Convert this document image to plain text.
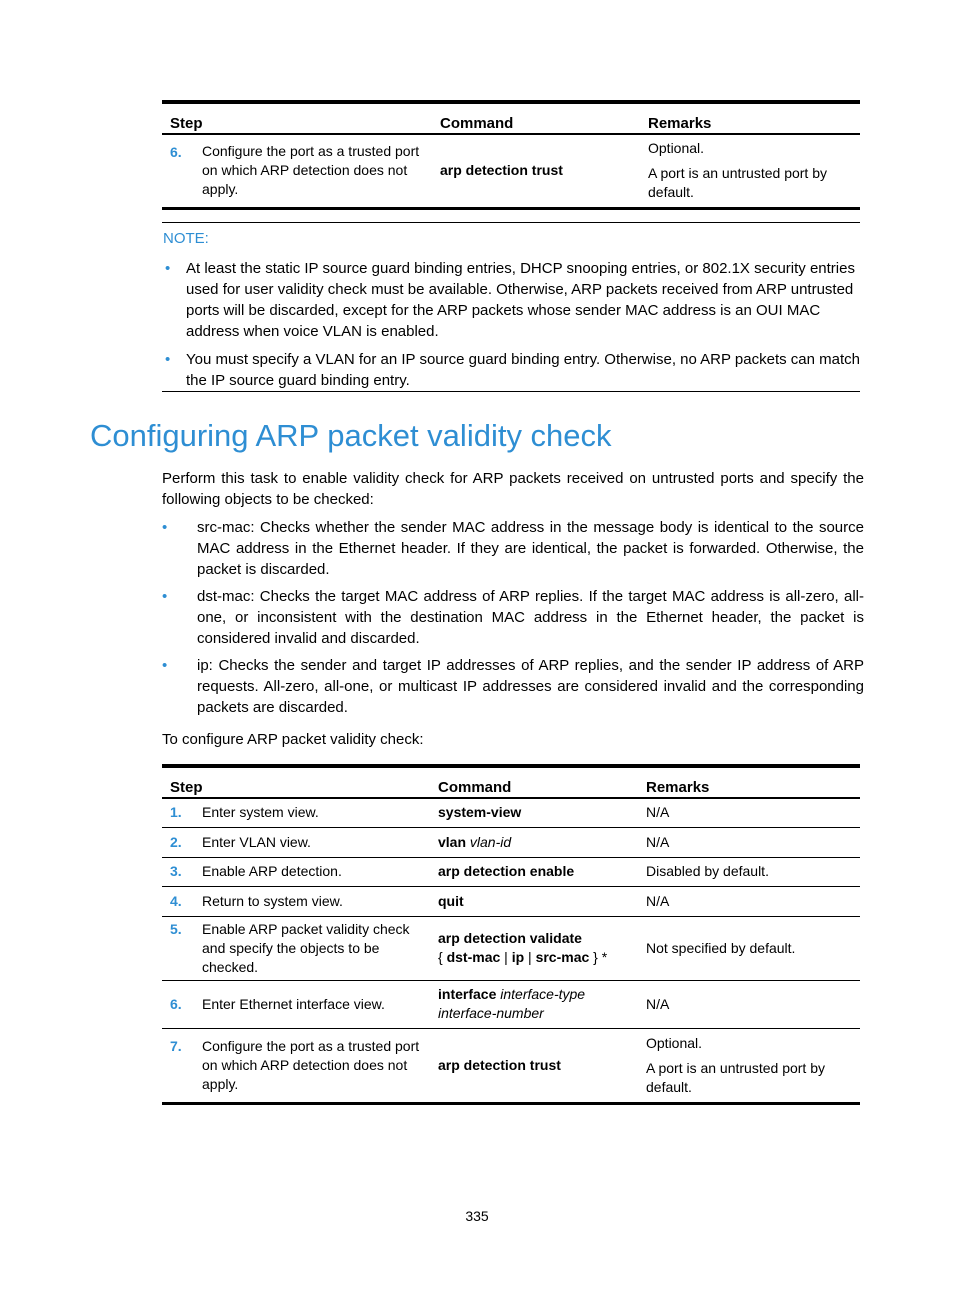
Step		Command	Remarks
6.	Configure the port as a trusted port on which ARP detection does not apply.	arp detection trust	Optional.

A port is an untrusted port by default.

NOTE:
• At least the static IP source guard binding entries, DHCP snooping entries, or 802.1X security entries used for user validity check must be available. Otherwise, ARP packets received from ARP untrusted ports will be discarded, except for the ARP packets whose sender MAC address is an OUI MAC address when voice VLAN is enabled.
• You must specify a VLAN for an IP source guard binding entry. Otherwise, no ARP packets can match the IP source guard binding entry.
Configuring ARP packet validity check

Perform this task to enable validity check for ARP packets received on untrusted ports and specify the following objects to be checked:

• src-mac: Checks whether the sender MAC address in the message body is identical to the source MAC address in the Ethernet header. If they are identical, the packet is forwarded. Otherwise, the packet is discarded.
• dst-mac: Checks the target MAC address of ARP replies. If the target MAC address is all-zero, all-one, or inconsistent with the destination MAC address in the Ethernet header, the packet is considered invalid and discarded.
• ip: Checks the sender and target IP addresses of ARP replies, and the sender IP address of ARP requests. All-zero, all-one, or multicast IP addresses are considered invalid and the corresponding packets are discarded.

To configure ARP packet validity check:

Step		Command	Remarks
1.	Enter system view.	system-view	N/A
2.	Enter VLAN view.	vlan vlan-id	N/A
3.	Enable ARP detection.	arp detection enable	Disabled by default.
4.	Return to system view.	quit	N/A
5.	Enable ARP packet validity check and specify the objects to be checked.	arp detection validate
{ dst-mac | ip | src-mac } *	Not specified by default.
6.	Enter Ethernet interface view.	interface interface-type
interface-number	N/A
7.	Configure the port as a trusted port on which ARP detection does not apply.	arp detection trust	Optional.

A port is an untrusted port by default.

335
